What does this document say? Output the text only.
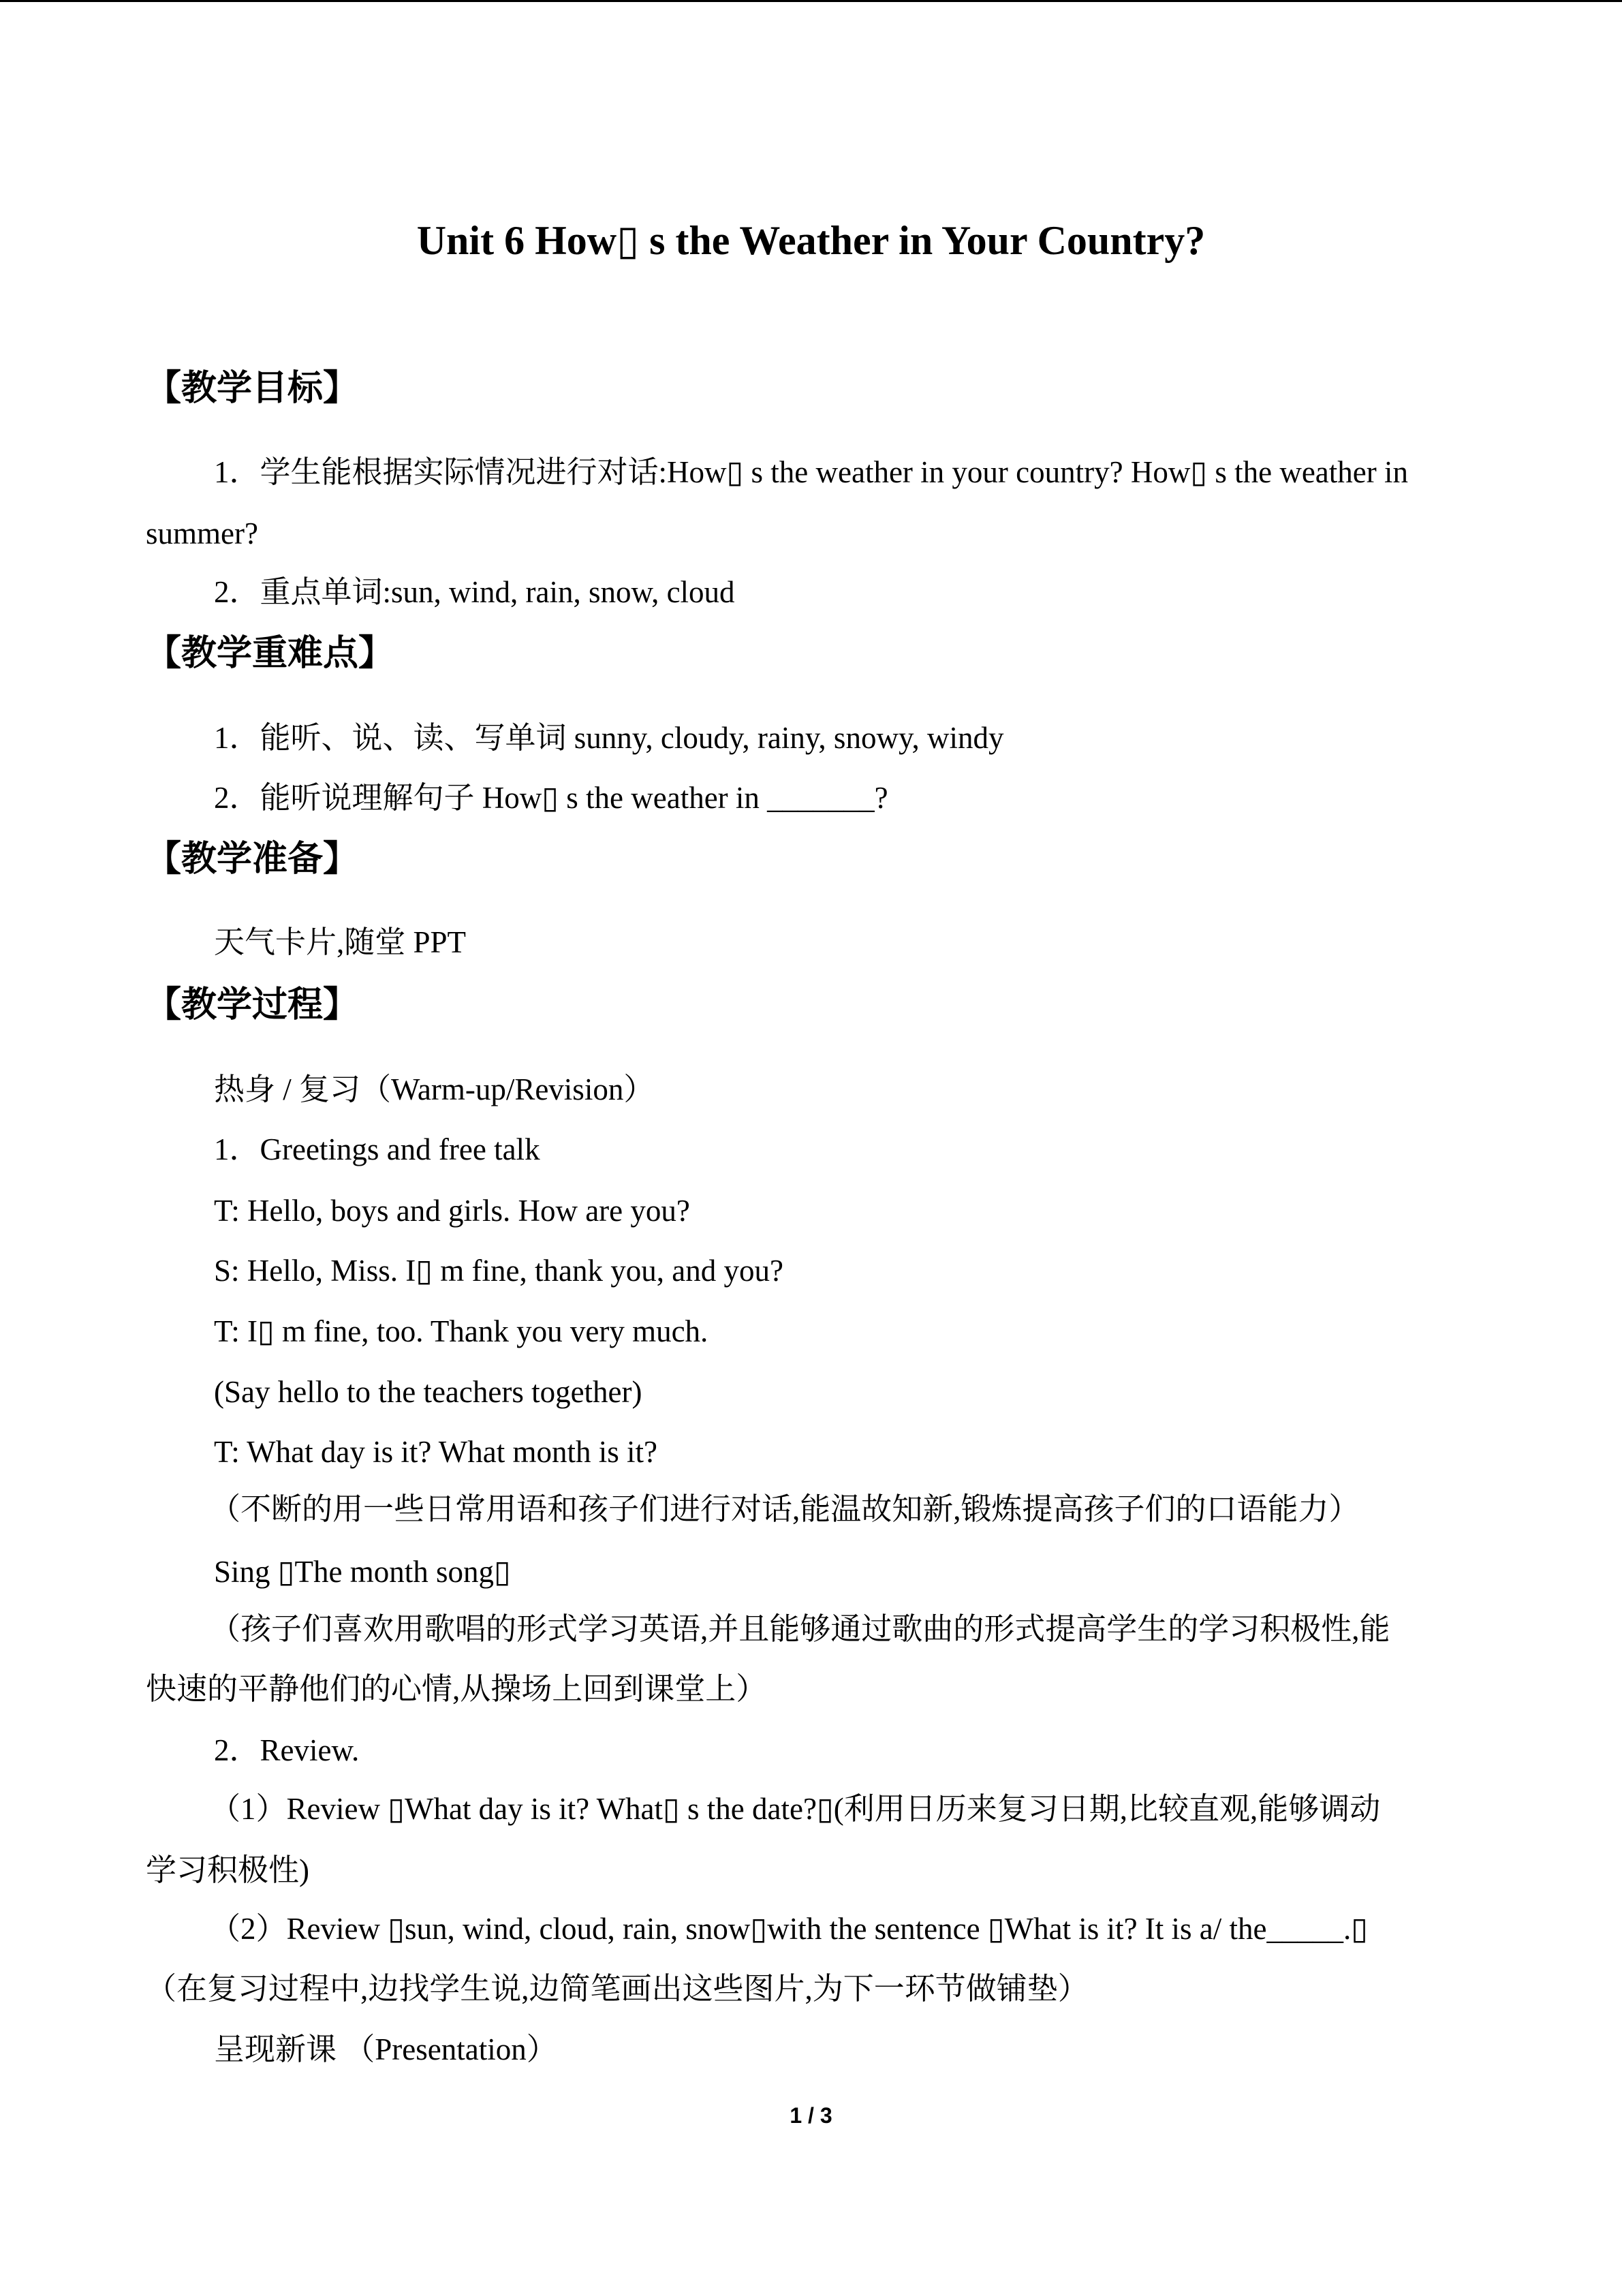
Unit 6 How▯ s the Weather in Your Country?
【教学目标】
1．学生能根据实际情况进行对话:How▯ s the weather in your country? How▯ s the weather in
summer?
2．重点单词:sun, wind, rain, snow, cloud
【教学重难点】
1．能听、说、读、写单词 sunny, cloudy, rainy, snowy, windy
2．能听说理解句子 How▯ s the weather in _______?
【教学准备】
天气卡片,随堂 PPT
【教学过程】
热身 / 复习（Warm-up/Revision）
1．Greetings and free talk
T: Hello, boys and girls. How are you?
S: Hello, Miss. I▯ m fine, thank you, and you?
T: I▯ m fine, too. Thank you very much.
(Say hello to the teachers together)
T: What day is it? What month is it?
（不断的用一些日常用语和孩子们进行对话,能温故知新,锻炼提高孩子们的口语能力）
Sing ▯The month song▯
（孩子们喜欢用歌唱的形式学习英语,并且能够通过歌曲的形式提高学生的学习积极性,能
快速的平静他们的心情,从操场上回到课堂上）
2．Review.
（1）Review ▯What day is it? What▯ s the date?▯(利用日历来复习日期,比较直观,能够调动
学习积极性)
（2）Review ▯sun, wind, cloud, rain, snow▯with the sentence ▯What is it? It is a/ the_____.▯
（在复习过程中,边找学生说,边简笔画出这些图片,为下一环节做铺垫）
呈现新课 （Presentation）
1 / 3
